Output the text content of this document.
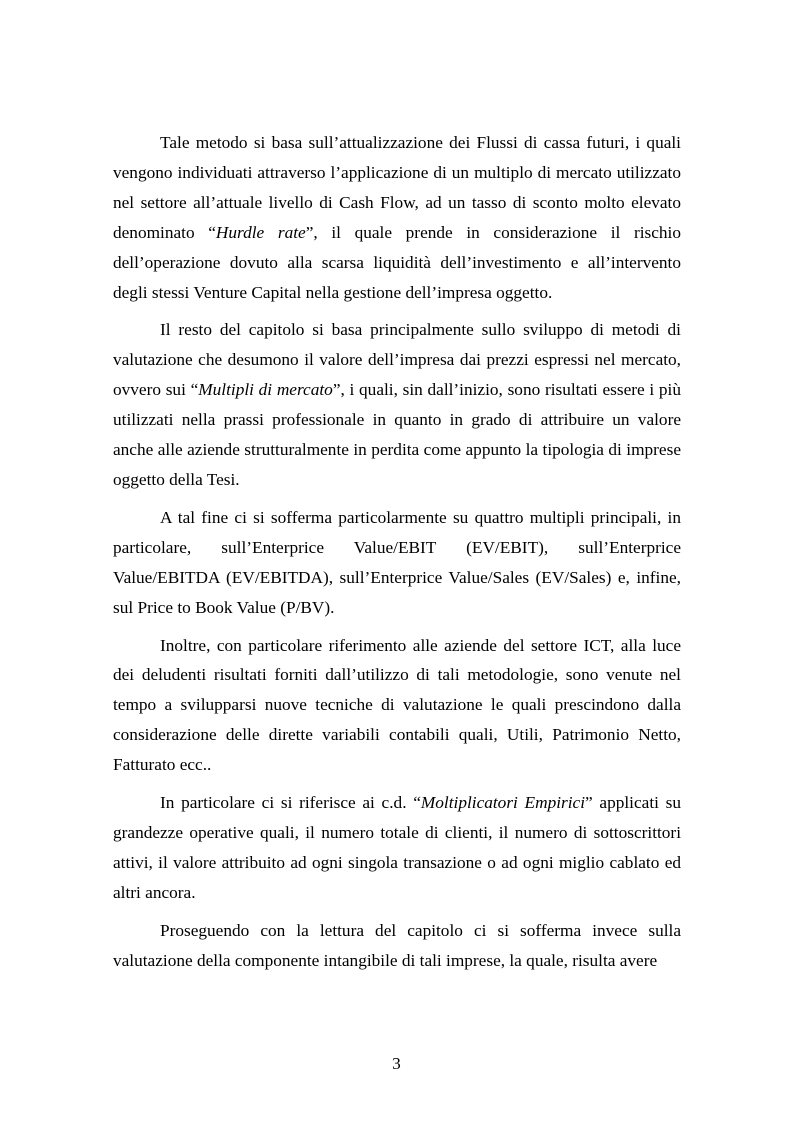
Tale metodo si basa sull’attualizzazione dei Flussi di cassa futuri, i quali vengono individuati attraverso l’applicazione di un multiplo di mercato utilizzato nel settore all’attuale livello di Cash Flow, ad un tasso di sconto molto elevato denominato “Hurdle rate”, il quale prende in considerazione il rischio dell’operazione dovuto alla scarsa liquidità dell’investimento e all’intervento degli stessi Venture Capital nella gestione dell’impresa oggetto.

Il resto del capitolo si basa principalmente sullo sviluppo di metodi di valutazione che desumono il valore dell’impresa dai prezzi espressi nel mercato, ovvero sui “Multipli di mercato”, i quali, sin dall’inizio, sono risultati essere i più utilizzati nella prassi professionale in quanto in grado di attribuire un valore anche alle aziende strutturalmente in perdita come appunto la tipologia di imprese oggetto della Tesi.

A tal fine ci si sofferma particolarmente su quattro multipli principali, in particolare, sull’Enterprice Value/EBIT (EV/EBIT), sull’Enterprice Value/EBITDA (EV/EBITDA), sull’Enterprice Value/Sales (EV/Sales) e, infine, sul Price to Book Value (P/BV).

Inoltre, con particolare riferimento alle aziende del settore ICT, alla luce dei deludenti risultati forniti dall’utilizzo di tali metodologie, sono venute nel tempo a svilupparsi nuove tecniche di valutazione le quali prescindono dalla considerazione delle dirette variabili contabili quali, Utili, Patrimonio Netto, Fatturato ecc..

In particolare ci si riferisce ai c.d. “Moltiplicatori Empirici” applicati su grandezze operative quali, il numero totale di clienti, il numero di sottoscrittori attivi, il valore attribuito ad ogni singola transazione o ad ogni miglio cablato ed altri ancora.

Proseguendo con la lettura del capitolo ci si sofferma invece sulla valutazione della componente intangibile di tali imprese, la quale, risulta avere

3
